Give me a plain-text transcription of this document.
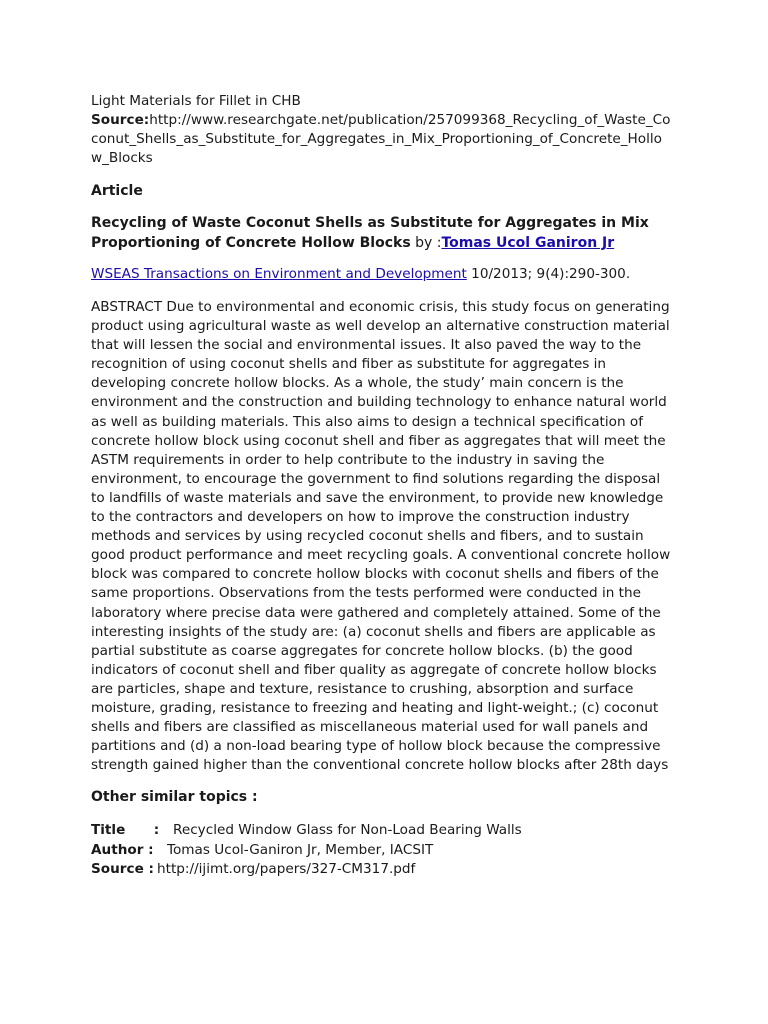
Light Materials for Fillet in CHB
Source:http://www.researchgate.net/publication/257099368_Recycling_of_Waste_Coconut_Shells_as_Substitute_for_Aggregates_in_Mix_Proportioning_of_Concrete_Hollow_Blocks
Article
Recycling of Waste Coconut Shells as Substitute for Aggregates in Mix Proportioning of Concrete Hollow Blocks by :Tomas Ucol Ganiron Jr
WSEAS Transactions on Environment and Development 10/2013; 9(4):290-300.
ABSTRACT Due to environmental and economic crisis, this study focus on generating product using agricultural waste as well develop an alternative construction material that will lessen the social and environmental issues. It also paved the way to the recognition of using coconut shells and fiber as substitute for aggregates in developing concrete hollow blocks. As a whole, the study’ main concern is the environment and the construction and building technology to enhance natural world as well as building materials. This also aims to design a technical specification of concrete hollow block using coconut shell and fiber as aggregates that will meet the ASTM requirements in order to help contribute to the industry in saving the environment, to encourage the government to find solutions regarding the disposal to landfills of waste materials and save the environment, to provide new knowledge to the contractors and developers on how to improve the construction industry methods and services by using recycled coconut shells and fibers, and to sustain good product performance and meet recycling goals. A conventional concrete hollow block was compared to concrete hollow blocks with coconut shells and fibers of the same proportions. Observations from the tests performed were conducted in the laboratory where precise data were gathered and completely attained. Some of the interesting insights of the study are: (a) coconut shells and fibers are applicable as partial substitute as coarse aggregates for concrete hollow blocks. (b) the good indicators of coconut shell and fiber quality as aggregate of concrete hollow blocks are particles, shape and texture, resistance to crushing, absorption and surface moisture, grading, resistance to freezing and heating and light-weight.; (c) coconut shells and fibers are classified as miscellaneous material used for wall panels and partitions and (d) a non-load bearing type of hollow block because the compressive strength gained higher than the conventional concrete hollow blocks after 28th days
Other similar topics :
Title      :	Recycled Window Glass for Non-Load Bearing Walls
Author : Tomas Ucol-Ganiron Jr, Member, IACSIT
Source : http://ijimt.org/papers/327-CM317.pdf
